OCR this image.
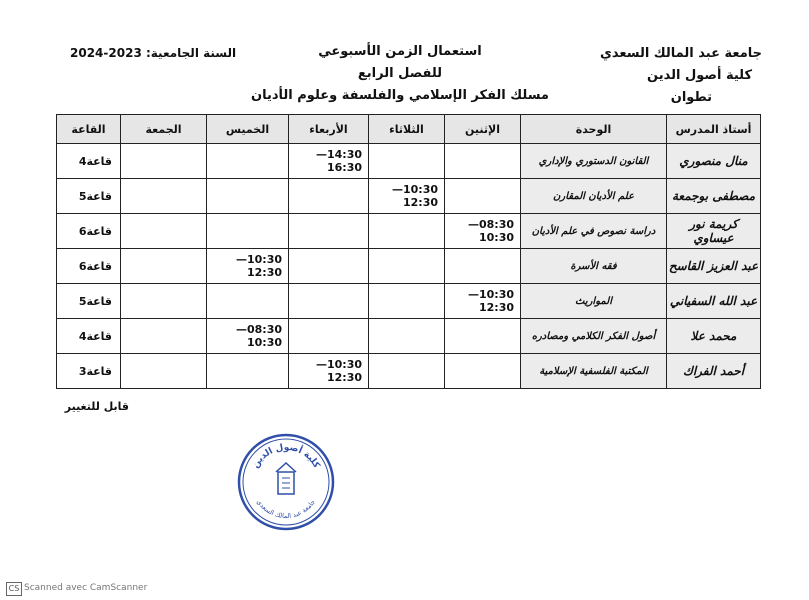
جامعة عبد المالك السعدي
كلية أصول الدين
تطوان
السنة الجامعية: 2023-2024	استعمال الزمن الأسبوعي
للفصل الرابع
مسلك الفكر الإسلامي والفلسفة وعلوم الأديان
أستاذ المدرس	الوحدة	الإثنين	الثلاثاء	الأربعاء	الخميس	الجمعة	القاعة
منال منصوري	القانون الدستوري والإداري			14:30—16:30			قاعة4
مصطفى بوجمعة	علم الأديان المقارن		10:30—12:30				قاعة5
كريمة نور عيساوي	دراسة نصوص في علم الأديان	08:30—10:30					قاعة6
عبد العزيز القاسح	فقه الأسرة				10:30—12:30		قاعة6
عبد الله السفياني	المواريث	10:30—12:30					قاعة5
محمد علا	أصول الفكر الكلامي ومصادره				08:30—10:30		قاعة4
أحمد الفراك	المكتبة الفلسفية الإسلامية			10:30—12:30			قاعة3
قابل للتغيير
كلية أصول الدين
جامعة عبد المالك السعدي
CS Scanned avec CamScanner
